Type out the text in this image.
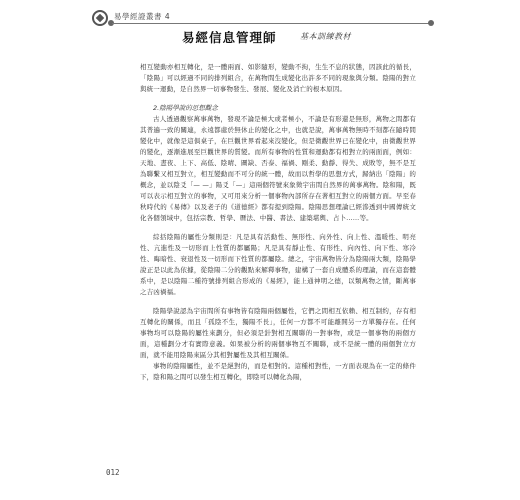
易學經證叢書 4
易經信息管理師	基本訓練教材

相互變動亦相互轉化，是一體兩面、如影隨形，變動不拘，生生不息的狀態，因該此的循長，「陰陽」可以經過不同的排列組合，在萬物間生成變化出許多不同的現象與分類。陰陽的對立與統一運動，是自然界一切事物發生、發展、變化及消亡的根本原因。

2.陰陽學說的思想觀念

古人透過觀察萬事萬物，發現不論是極大或者極小，不論是有形還是無形，萬物之間都有其普遍一致的關連，永遠都處於無休止的變化之中，也就是說，萬事萬物無時不刻都在隨時間變化中，就像是這俱桌子，在巨觀世界看起來沒變化，但是微觀世界已在變化中，由微觀世界的變化，逐漸進展至巨觀世界的質變。而所有事物的性質和運動都有相對立的兩面面，例如：天地、晝夜、上下、高低、陰晴、圖缺、否泰、福禍、剛柔、動靜、得失、成敗等，無不是互為聯繫又相互對立，相互變動而不可分的統一體，故而以哲學的思想方式，歸納出「陰陽」的概念，並以陰爻「— —」陽爻「—」這兩個符號來象徵宇宙間自然界的萬事萬物。陰和陽，既可以表示相互對立的事物，又可用來分析一個事物內部所存在著相互對立的兩個方面。早至春秋時代的《易傳》以及老子的《道德經》都有提到陰陽。陰陽思想理論已經滲透到中國傳統文化各個領域中，包括宗教、哲學、曆法、中醫、書法、建築堪輿、占卜……等。

綜括陰陽的屬性分類則是：凡是具有活動性、無形性、向外性、向上性、溫暖性、明亮性、亢進性及一切形而上性質的都屬陽；凡是具有靜止性、有形性、向內性、向下性、寒冷性、晦暗性、衰退性及一切形而下性質的都屬陰。總之，宇宙萬物皆分為陰陽兩大類，陰陽學說正是以此為依據，從陰陽二分的觀點來解釋事物，建構了一套自成體系的理論，而在這套體系中，是以陰陽二種符號排列組合形成的《易經》，能上通神明之德，以類萬物之情，斷萬事之吉凶禍福。

陰陽學說認為宇宙間所有事物皆有陰陽兩個屬性，它們之間相互依賴、相互制約，存有相互轉化的關係，而且「孤陰不生，獨陽不長」，任何一方都不可能離開另一方單獨存在。任何事物均可以陰陽的屬性來劃分，但必須是針對相互關聯的一對事物，或是一個事物的兩個方面，這種劃分才有實際意義。如果被分析的兩個事物互不關聯，或不是統一體的兩個對立方面，就不能用陰陽來區分其相對屬性及其相互關係。

事物的陰陽屬性，並不是絕對的，而是相對的。這種相對性，一方面表現為在一定的條件下，陰和陽之間可以發生相互轉化，即陰可以轉化為陽，

012
